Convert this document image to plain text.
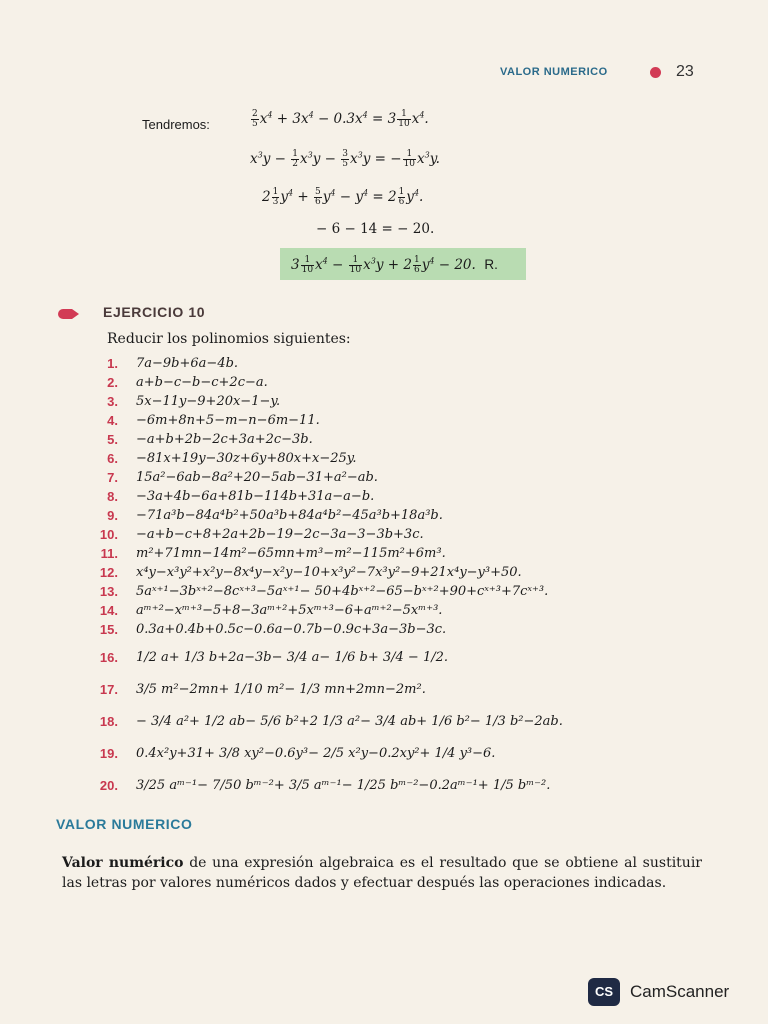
VALOR NUMERICO	23
Tendremos:	$\frac{2}{5} x^4 + 3x^4 - 0.3x^4 = 3 \frac{1}{10} x^4$.
$x^3y - \frac{1}{2} x^3y - \frac{3}{5} x^3y$ = − $\frac{1}{10} x^3y$.
$2 \frac{1}{3} y^4 + \frac{5}{6} y^4 - y^4 = 2 \frac{1}{6} y^4$.
− 6 − 14 = − 20.
$3 \frac{1}{10} x^4 - \frac{1}{10} x^3y + 2 \frac{1}{6} y^4 - 20$.  R.
EJERCICIO 10
Reducir los polinomios siguientes:
1. 7a−9b+6a−4b.
2. a+b−c−b−c+2c−a.
3. 5x−11y−9+20x−1−y.
4. −6m+8n+5−m−n−6m−11.
5. −a+b+2b−2c+3a+2c−3b.
6. −81x+19y−30z+6y+80x+x−25y.
7. 15a²−6ab−8a²+20−5ab−31+a²−ab.
8. −3a+4b−6a+81b−114b+31a−a−b.
9. −71a³b−84a⁴b²+50a³b+84a⁴b²−45a³b+18a³b.
10. −a+b−c+8+2a+2b−19−2c−3a−3−3b+3c.
11. m²+71mn−14m²−65mn+m³−m²−115m²+6m³.
12. x⁴y−x³y²+x²y−8x⁴y−x²y−10+x³y²−7x³y²−9+21x⁴y−y³+50.
13. 5aˣ⁺¹−3bˣ⁺²−8cˣ⁺³−5aˣ⁺¹− 50+4bˣ⁺²−65−bˣ⁺²+90+cˣ⁺³+7cˣ⁺³.
14. aᵐ⁺²−xᵐ⁺³−5+8−3aᵐ⁺²+5xᵐ⁺³−6+aᵐ⁺²−5xᵐ⁺³.
15. 0.3a+0.4b+0.5c−0.6a−0.7b−0.9c+3a−3b−3c.
16. 1/2 a+ 1/3 b+2a−3b− 3/4 a− 1/6 b+ 3/4 − 1/2.
17. 3/5 m²−2mn+ 1/10 m²− 1/3 mn+2mn−2m².
18. − 3/4 a²+ 1/2 ab− 5/6 b²+2 1/3 a²− 3/4 ab+ 1/6 b²− 1/3 b²−2ab.
19. 0.4x²y+31+ 3/8 xy²−0.6y³− 2/5 x²y−0.2xy²+ 1/4 y³−6.
20. 3/25 aᵐ⁻¹− 7/50 bᵐ⁻²+ 3/5 aᵐ⁻¹− 1/25 bᵐ⁻²−0.2aᵐ⁻¹+ 1/5 bᵐ⁻².
VALOR NUMERICO
Valor numérico de una expresión algebraica es el resultado que se obtiene al sustituir las letras por valores numéricos dados y efectuar después las operaciones indicadas.
CS CamScanner
